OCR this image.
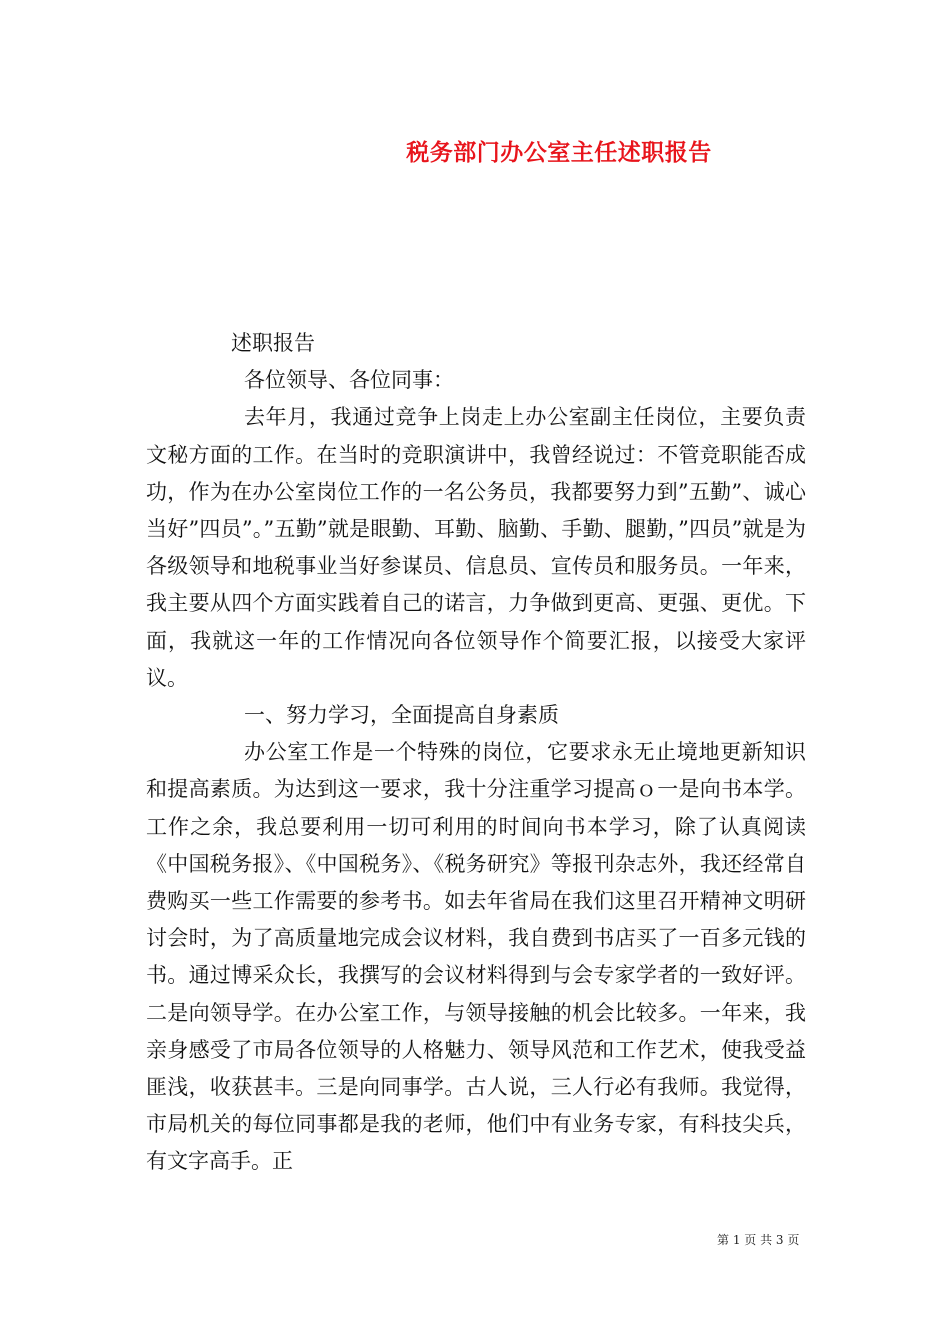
税务部门办公室主任述职报告

述职报告

各位领导、各位同事：

去年月，我通过竞争上岗走上办公室副主任岗位，主要负责文秘方面的工作。在当时的竞职演讲中，我曾经说过：不管竞职能否成功，作为在办公室岗位工作的一名公务员，我都要努力到”五勤”、诚心当好”四员”。”五勤”就是眼勤、耳勤、脑勤、手勤、腿勤，”四员”就是为各级领导和地税事业当好参谋员、信息员、宣传员和服务员。一年来，我主要从四个方面实践着自己的诺言，力争做到更高、更强、更优。下面，我就这一年的工作情况向各位领导作个简要汇报，以接受大家评议。

一、努力学习，全面提高自身素质

办公室工作是一个特殊的岗位，它要求永无止境地更新知识和提高素质。为达到这一要求，我十分注重学习提高ｏ一是向书本学。工作之余，我总要利用一切可利用的时间向书本学习，除了认真阅读《中国税务报》、《中国税务》、《税务研究》等报刊杂志外，我还经常自费购买一些工作需要的参考书。如去年省局在我们这里召开精神文明研讨会时，为了高质量地完成会议材料，我自费到书店买了一百多元钱的书。通过博采众长，我撰写的会议材料得到与会专家学者的一致好评。二是向领导学。在办公室工作，与领导接触的机会比较多。一年来，我亲身感受了市局各位领导的人格魅力、领导风范和工作艺术，使我受益匪浅，收获甚丰。三是向同事学。古人说，三人行必有我师。我觉得，市局机关的每位同事都是我的老师，他们中有业务专家，有科技尖兵，有文字高手。正

第 1 页 共 3 页
